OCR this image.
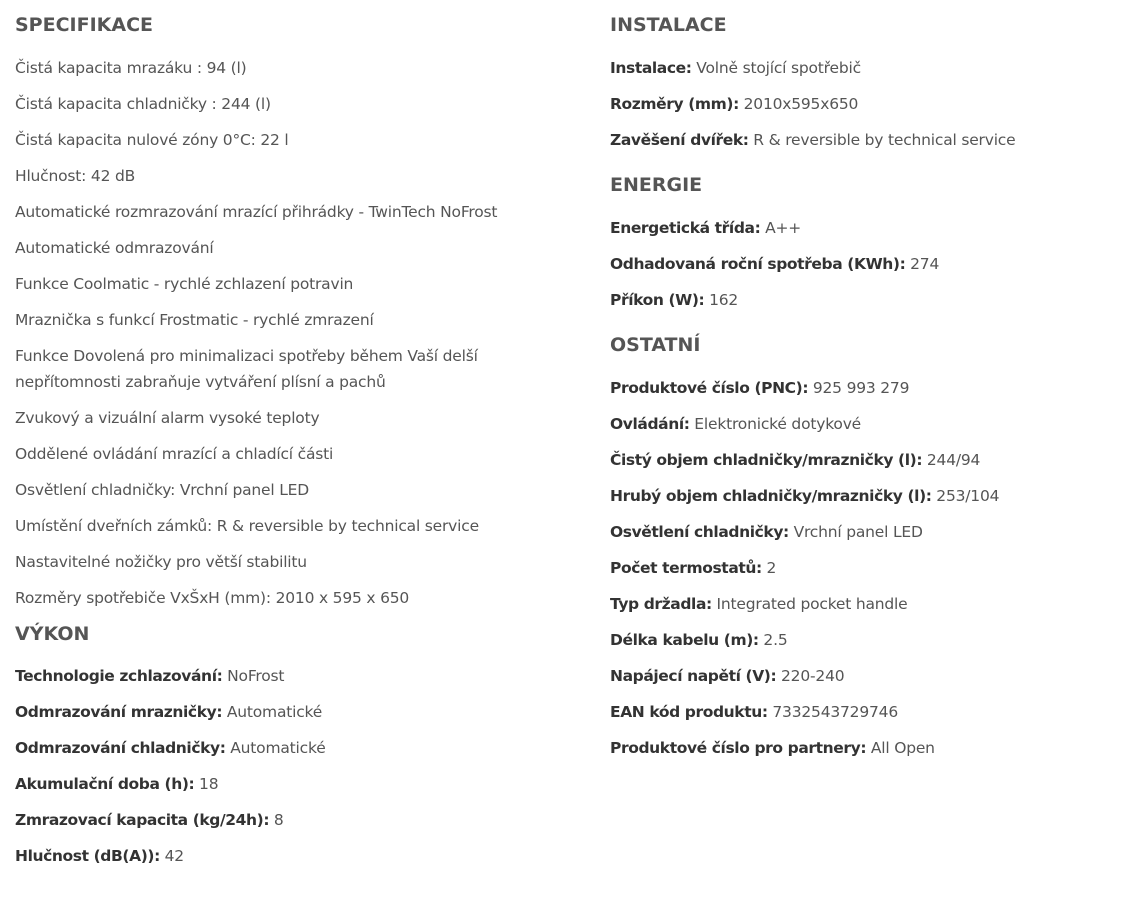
SPECIFIKACE
Čistá kapacita mrazáku : 94 (l)
Čistá kapacita chladničky : 244 (l)
Čistá kapacita nulové zóny 0°C: 22 l
Hlučnost: 42 dB
Automatické rozmrazování mrazící přihrádky - TwinTech NoFrost
Automatické odmrazování
Funkce Coolmatic - rychlé zchlazení potravin
Mraznička s funkcí Frostmatic - rychlé zmrazení
Funkce Dovolená pro minimalizaci spotřeby během Vaší delší nepřítomnosti zabraňuje vytváření plísní a pachů
Zvukový a vizuální alarm vysoké teploty
Oddělené ovládání mrazící a chladící části
Osvětlení chladničky: Vrchní panel LED
Umístění dveřních zámků: R & reversible by technical service
Nastavitelné nožičky pro větší stabilitu
Rozměry spotřebiče VxŠxH (mm): 2010 x 595 x 650
VÝKON
Technologie zchlazování: NoFrost
Odmrazování mrazničky: Automatické
Odmrazování chladničky: Automatické
Akumulační doba (h): 18
Zmrazovací kapacita (kg/24h): 8
Hlučnost (dB(A)): 42
INSTALACE
Instalace: Volně stojící spotřebič
Rozměry (mm): 2010x595x650
Zavěšení dvířek: R & reversible by technical service
ENERGIE
Energetická třída: A++
Odhadovaná roční spotřeba (KWh): 274
Příkon (W): 162
OSTATNÍ
Produktové číslo (PNC): 925 993 279
Ovládání: Elektronické dotykové
Čistý objem chladničky/mrazničky (l): 244/94
Hrubý objem chladničky/mrazničky (l): 253/104
Osvětlení chladničky: Vrchní panel LED
Počet termostatů: 2
Typ držadla: Integrated pocket handle
Délka kabelu (m): 2.5
Napájecí napětí (V): 220-240
EAN kód produktu: 7332543729746
Produktové číslo pro partnery: All Open
